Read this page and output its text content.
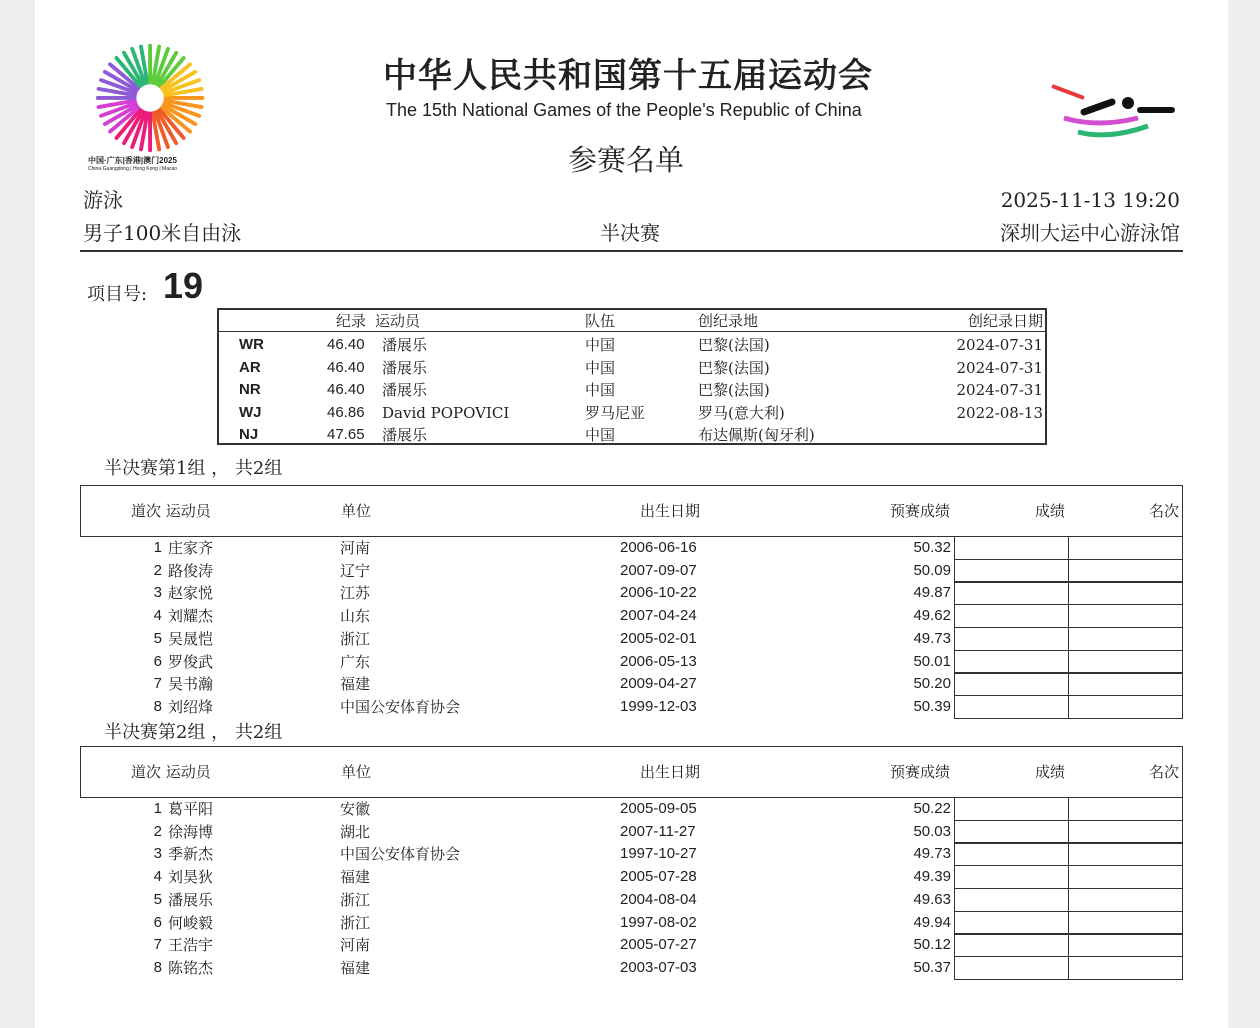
中国·广东|香港|澳门2025
China·Guangdong | Hong Kong | Macao
中华人民共和国第十五届运动会
The 15th National Games of the People's Republic of China
参赛名单
游泳	2025-11-13 19:20
男子100米自由泳	半决赛	深圳大运中心游泳馆
项目号: 19
纪录 运动员	队伍	创纪录地	创纪录日期
WR	46.40 潘展乐	中国	巴黎(法国)	2024-07-31
AR	46.40 潘展乐	中国	巴黎(法国)	2024-07-31
NR	46.40 潘展乐	中国	巴黎(法国)	2024-07-31
WJ	46.86 David POPOVICI	罗马尼亚	罗马(意大利)	2022-08-13
NJ	47.65 潘展乐	中国	布达佩斯(匈牙利)
半决赛第1组 ， 共2组
道次 运动员	单位	出生日期	预赛成绩	成绩	名次
1 庄家齐	河南	2006-06-16	50.32
2 路俊涛	辽宁	2007-09-07	50.09
3 赵家悦	江苏	2006-10-22	49.87
4 刘耀杰	山东	2007-04-24	49.62
5 吴晟恺	浙江	2005-02-01	49.73
6 罗俊武	广东	2006-05-13	50.01
7 吴书瀚	福建	2009-04-27	50.20
8 刘绍烽	中国公安体育协会	1999-12-03	50.39
半决赛第2组 ， 共2组
道次 运动员	单位	出生日期	预赛成绩	成绩	名次
1 葛平阳	安徽	2005-09-05	50.22
2 徐海博	湖北	2007-11-27	50.03
3 季新杰	中国公安体育协会	1997-10-27	49.73
4 刘昊狄	福建	2005-07-28	49.39
5 潘展乐	浙江	2004-08-04	49.63
6 何峻毅	浙江	1997-08-02	49.94
7 王浩宇	河南	2005-07-27	50.12
8 陈铭杰	福建	2003-07-03	50.37
